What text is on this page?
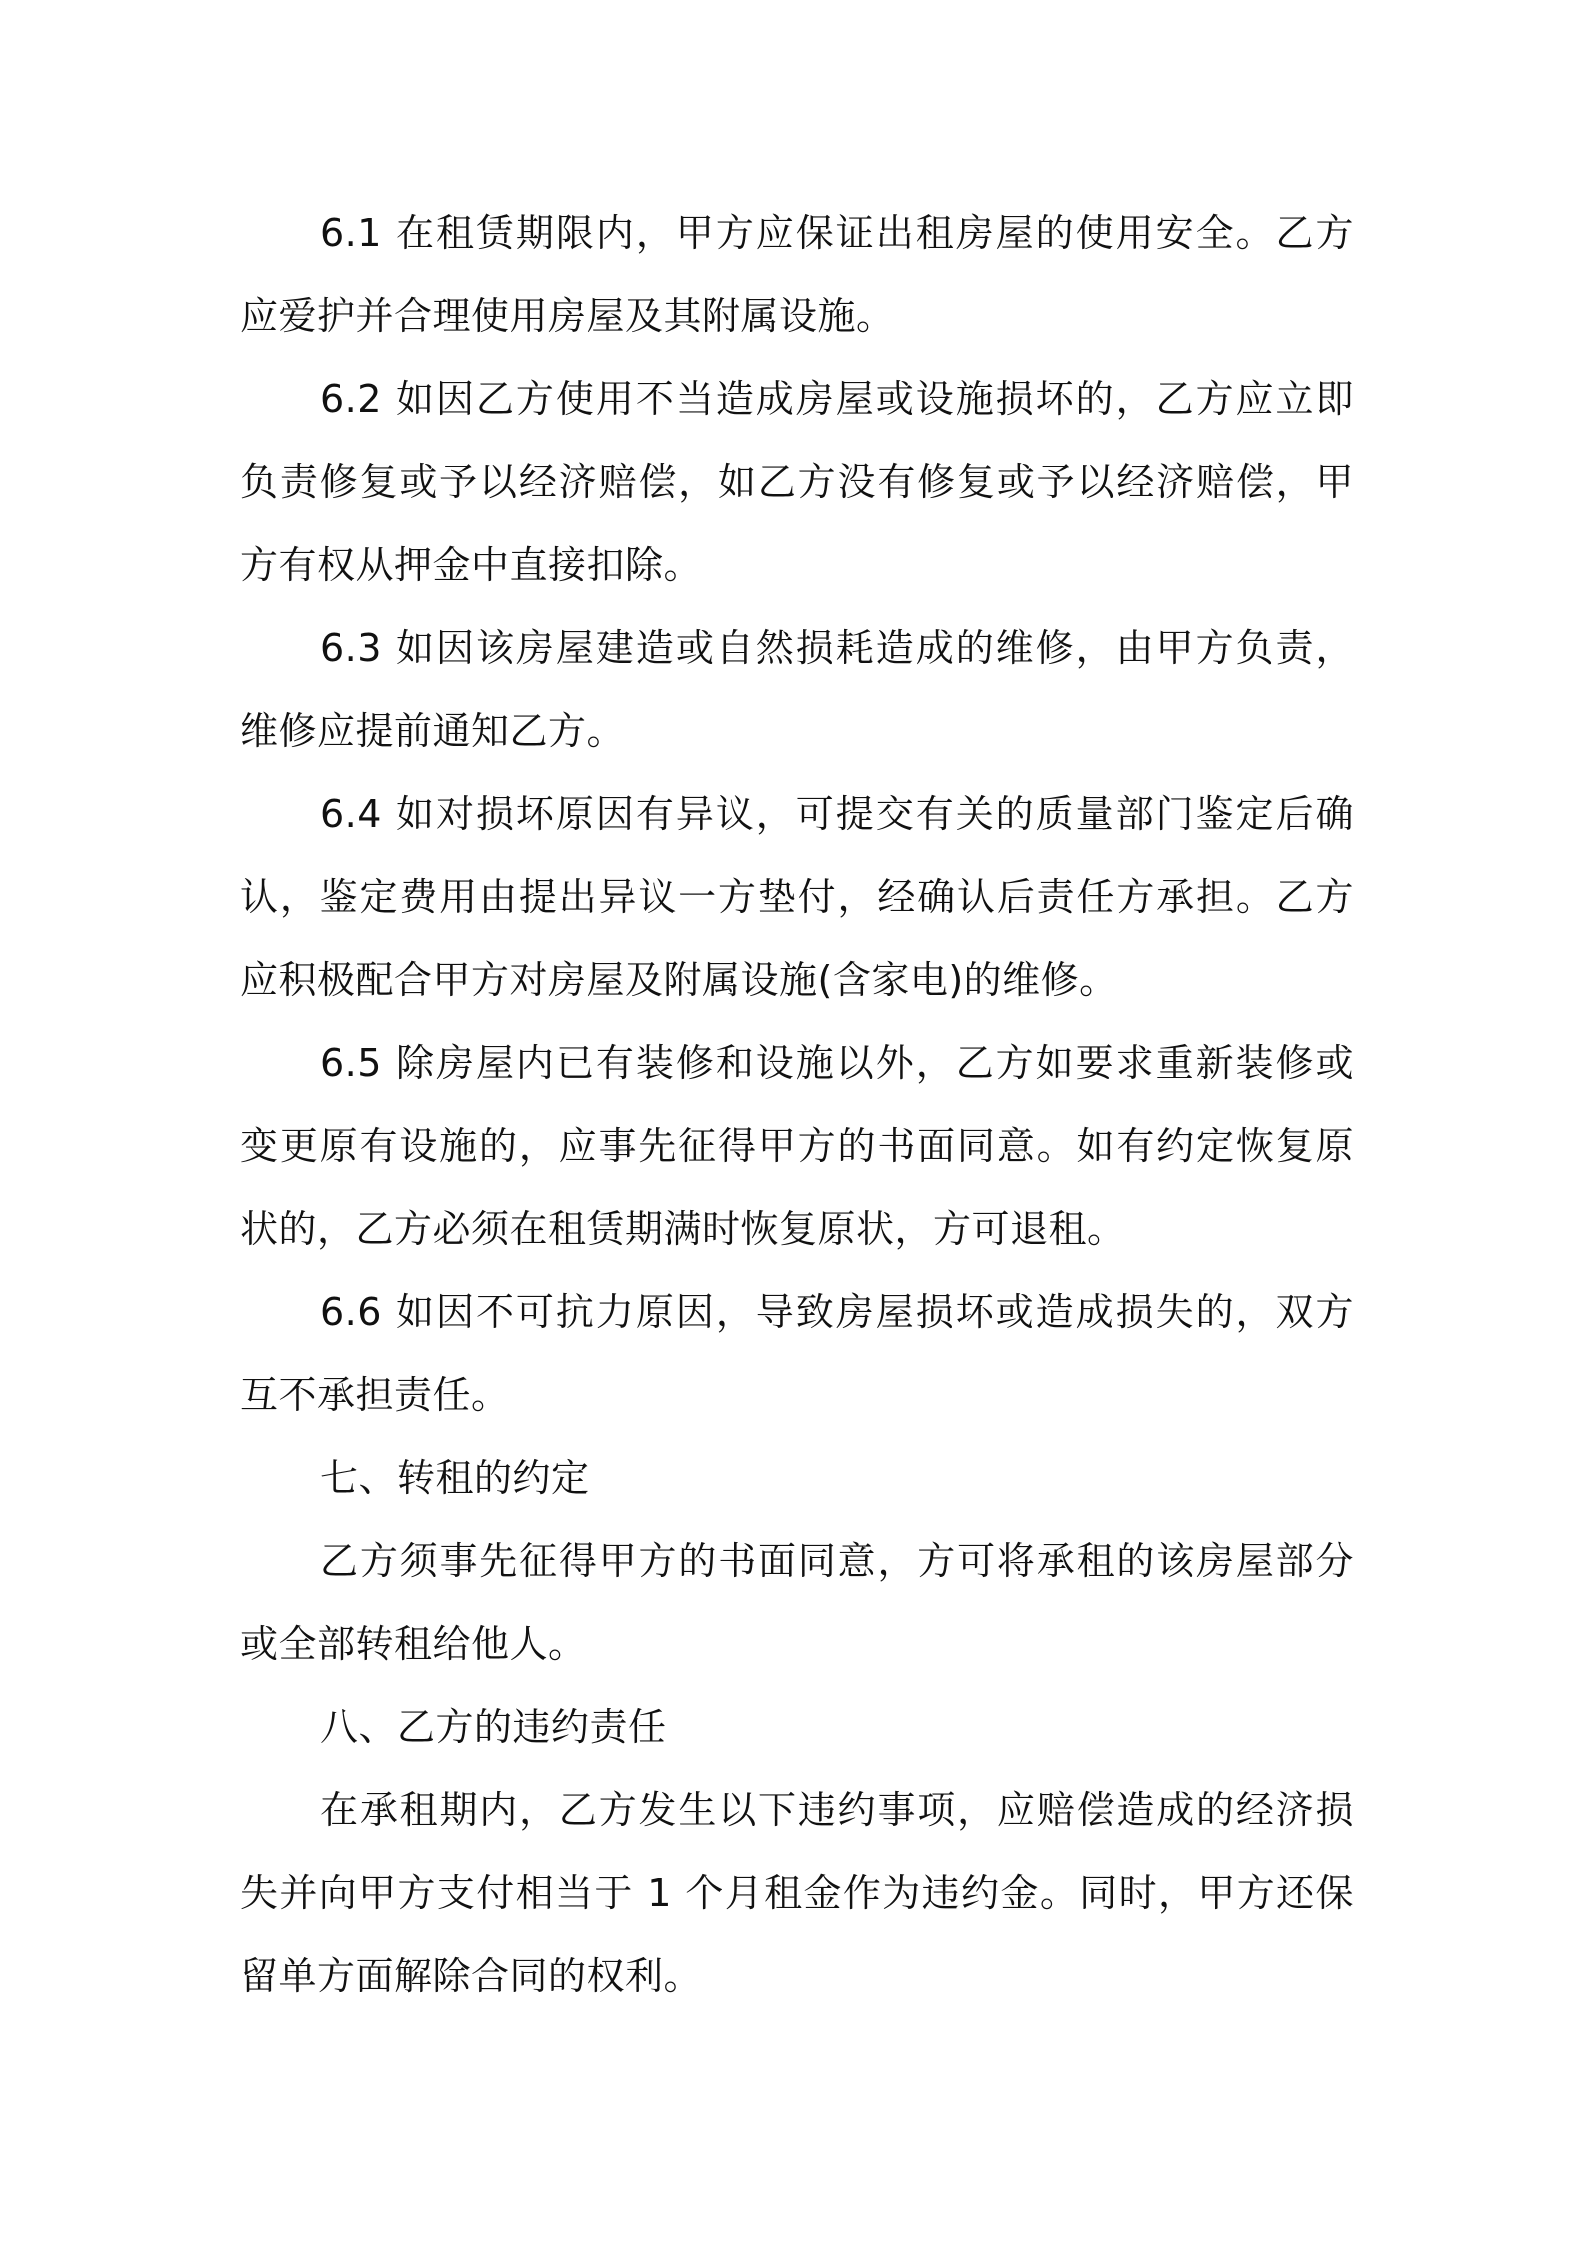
6.1 在租赁期限内，甲方应保证出租房屋的使用安全。乙方应爱护并合理使用房屋及其附属设施。

6.2 如因乙方使用不当造成房屋或设施损坏的，乙方应立即负责修复或予以经济赔偿，如乙方没有修复或予以经济赔偿，甲方有权从押金中直接扣除。

6.3 如因该房屋建造或自然损耗造成的维修，由甲方负责，维修应提前通知乙方。

6.4 如对损坏原因有异议，可提交有关的质量部门鉴定后确认，鉴定费用由提出异议一方垫付，经确认后责任方承担。乙方应积极配合甲方对房屋及附属设施(含家电)的维修。

6.5 除房屋内已有装修和设施以外，乙方如要求重新装修或变更原有设施的，应事先征得甲方的书面同意。如有约定恢复原状的，乙方必须在租赁期满时恢复原状，方可退租。

6.6 如因不可抗力原因，导致房屋损坏或造成损失的，双方互不承担责任。

七、转租的约定

乙方须事先征得甲方的书面同意，方可将承租的该房屋部分或全部转租给他人。

八、乙方的违约责任

在承租期内，乙方发生以下违约事项，应赔偿造成的经济损失并向甲方支付相当于 1 个月租金作为违约金。同时，甲方还保留单方面解除合同的权利。
